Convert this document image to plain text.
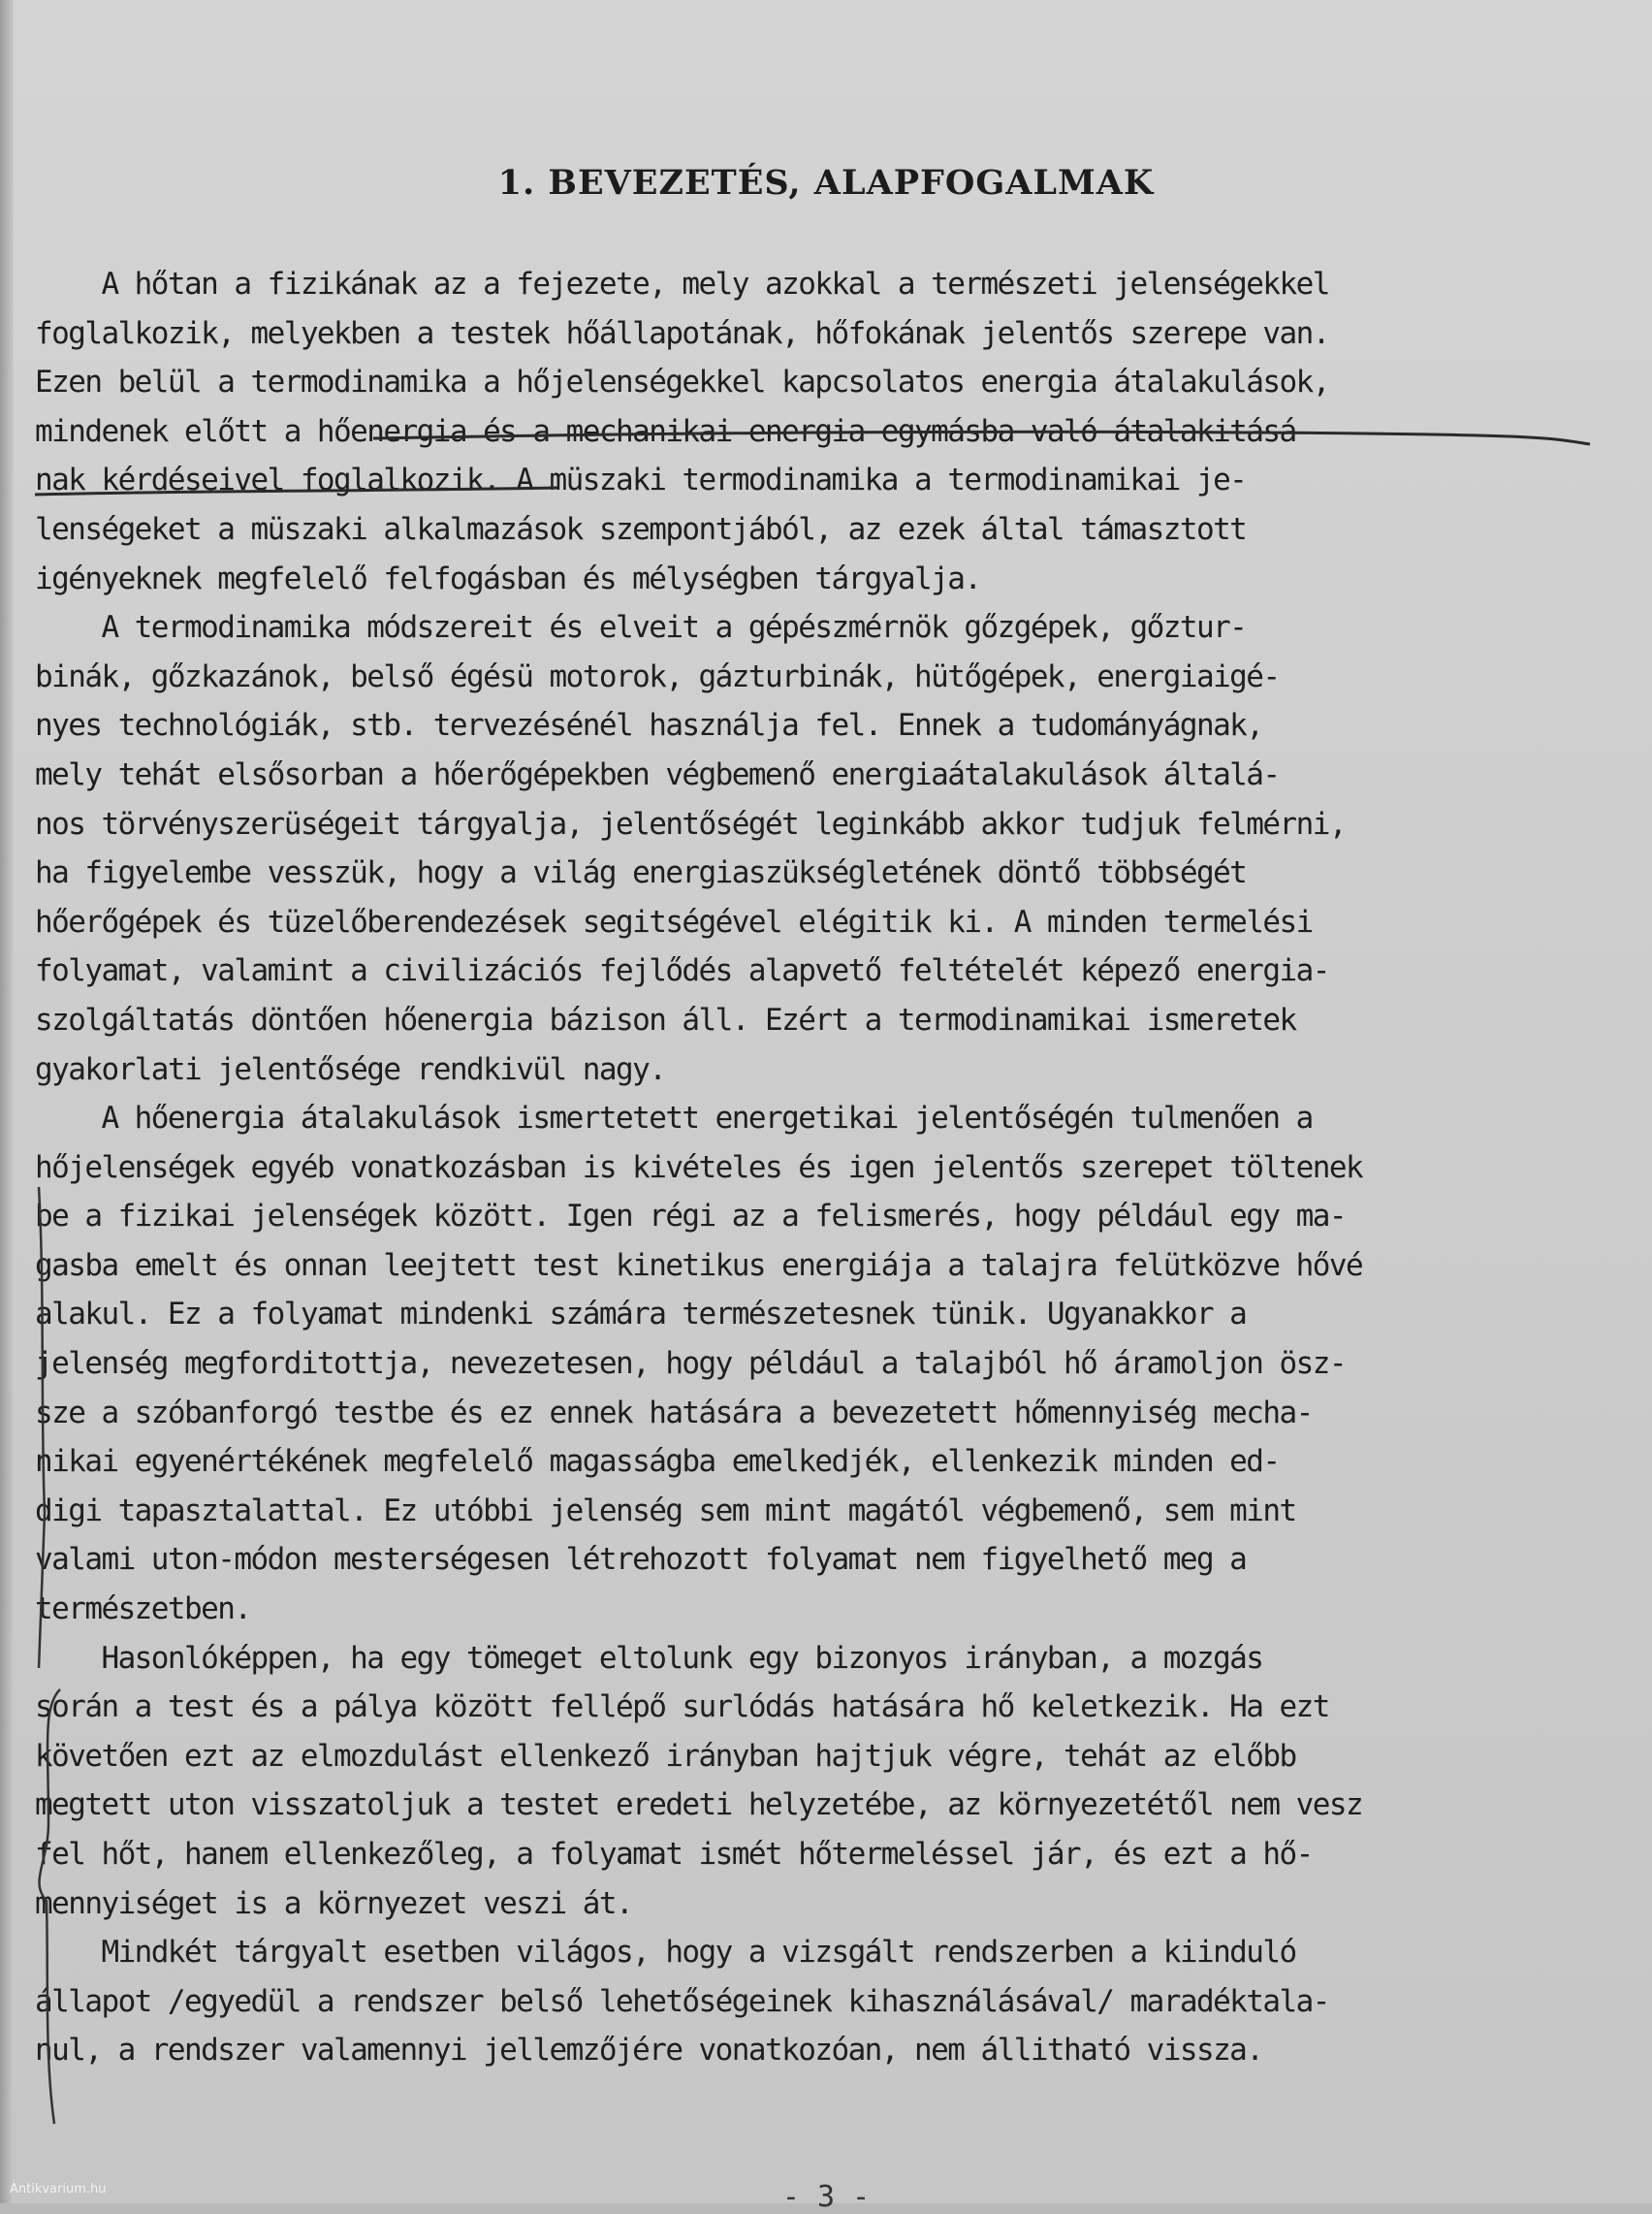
1. BEVEZETÉS, ALAPFOGALMAK
A hőtan a fizikának az a fejezete, mely azokkal a természeti jelenségekkel
foglalkozik, melyekben a testek hőállapotának, hőfokának jelentős szerepe van.
Ezen belül a termodinamika a hőjelenségekkel kapcsolatos energia átalakulások,
mindenek előtt a hőenergia és a mechanikai energia egymásba való átalakitásá-
nak kérdéseivel foglalkozik. A müszaki termodinamika a termodinamikai je-
lenségeket a müszaki alkalmazások szempontjából, az ezek által támasztott
igényeknek megfelelő felfogásban és mélységben tárgyalja.
A termodinamika módszereit és elveit a gépészmérnök gőzgépek, gőztur-
binák, gőzkazánok, belső égésü motorok, gázturbinák, hütőgépek, energiaigé-
nyes technológiák, stb. tervezésénél használja fel. Ennek a tudományágnak,
mely tehát elsősorban a hőerőgépekben végbemenő energiaátalakulások általá-
nos törvényszerüségeit tárgyalja, jelentőségét leginkább akkor tudjuk felmérni,
ha figyelembe vesszük, hogy a világ energiaszükségletének döntő többségét
hőerőgépek és tüzelőberendezések segitségével elégitik ki. A minden termelési
folyamat, valamint a civilizációs fejlődés alapvető feltételét képező energia-
szolgáltatás döntően hőenergia bázison áll. Ezért a termodinamikai ismeretek
gyakorlati jelentősége rendkivül nagy.
A hőenergia átalakulások ismertetett energetikai jelentőségén tulmenően a
hőjelenségek egyéb vonatkozásban is kivételes és igen jelentős szerepet töltenek
be a fizikai jelenségek között. Igen régi az a felismerés, hogy például egy ma-
gasba emelt és onnan leejtett test kinetikus energiája a talajra felütközve hővé
alakul. Ez a folyamat mindenki számára természetesnek tünik. Ugyanakkor a
jelenség megforditottja, nevezetesen, hogy például a talajból hő áramoljon ösz-
sze a szóbanforgó testbe és ez ennek hatására a bevezetett hőmennyiség mecha-
nikai egyenértékének megfelelő magasságba emelkedjék, ellenkezik minden ed-
digi tapasztalattal. Ez utóbbi jelenség sem mint magától végbemenő, sem mint
valami uton-módon mesterségesen létrehozott folyamat nem figyelhető meg a
természetben.
Hasonlóképpen, ha egy tömeget eltolunk egy bizonyos irányban, a mozgás
során a test és a pálya között fellépő surlódás hatására hő keletkezik. Ha ezt
követően ezt az elmozdulást ellenkező irányban hajtjuk végre, tehát az előbb
megtett uton visszatoljuk a testet eredeti helyzetébe, az környezetétől nem vesz
fel hőt, hanem ellenkezőleg, a folyamat ismét hőtermeléssel jár, és ezt a hő-
mennyiséget is a környezet veszi át.
Mindkét tárgyalt esetben világos, hogy a vizsgált rendszerben a kiinduló
állapot /egyedül a rendszer belső lehetőségeinek kihasználásával/ maradéktala-
nul, a rendszer valamennyi jellemzőjére vonatkozóan, nem állitható vissza.
- 3 -
Antikvarium.hu
